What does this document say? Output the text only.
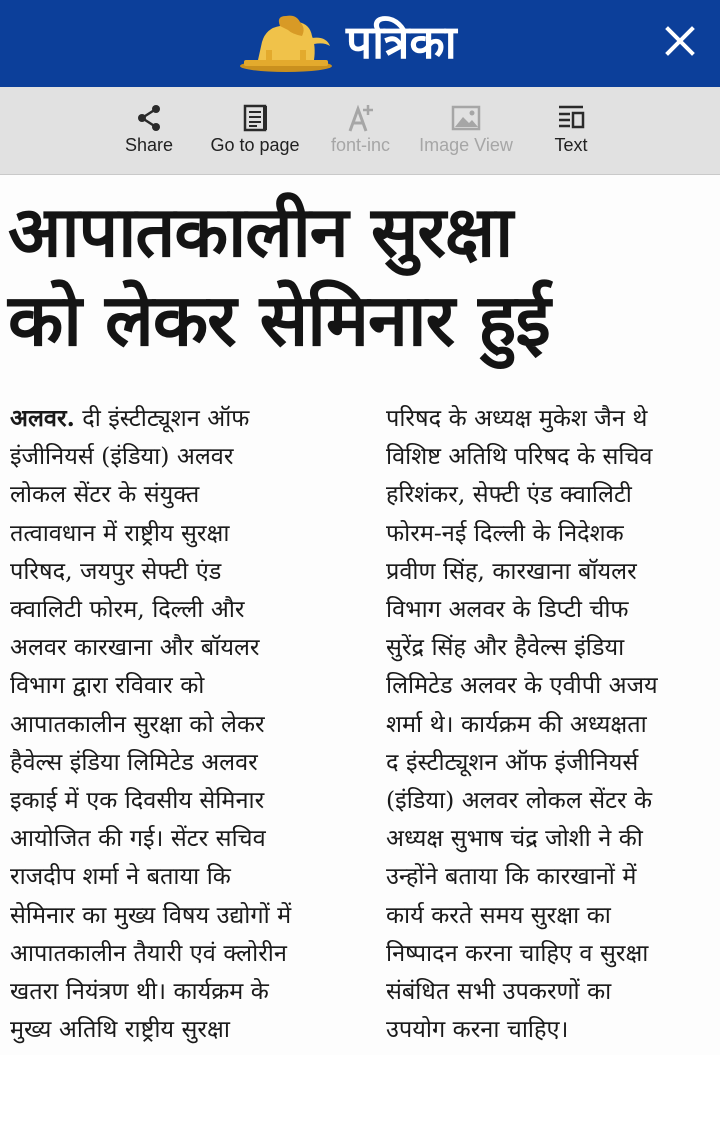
पत्रिका
Share	Go to page	font-inc	Image View	Text
आपातकालीन सुरक्षा
को लेकर सेमिनार हुई
अलवर. दी इंस्टीट्यूशन ऑफ
इंजीनियर्स (इंडिया) अलवर
लोकल सेंटर के संयुक्त
तत्वावधान में राष्ट्रीय सुरक्षा
परिषद, जयपुर सेफ्टी एंड
क्वालिटी फोरम, दिल्ली और
अलवर कारखाना और बॉयलर
विभाग द्वारा रविवार को
आपातकालीन सुरक्षा को लेकर
हैवेल्स इंडिया लिमिटेड अलवर
इकाई में एक दिवसीय सेमिनार
आयोजित की गई। सेंटर सचिव
राजदीप शर्मा ने बताया कि
सेमिनार का मुख्य विषय उद्योगों में
आपातकालीन तैयारी एवं क्लोरीन
खतरा नियंत्रण थी। कार्यक्रम के
मुख्य अतिथि राष्ट्रीय सुरक्षा
परिषद के अध्यक्ष मुकेश जैन थे
विशिष्ट अतिथि परिषद के सचिव
हरिशंकर, सेफ्टी एंड क्वालिटी
फोरम-नई दिल्ली के निदेशक
प्रवीण सिंह, कारखाना बॉयलर
विभाग अलवर के डिप्टी चीफ
सुरेंद्र सिंह और हैवेल्स इंडिया
लिमिटेड अलवर के एवीपी अजय
शर्मा थे। कार्यक्रम की अध्यक्षता
द इंस्टीट्यूशन ऑफ इंजीनियर्स
(इंडिया) अलवर लोकल सेंटर के
अध्यक्ष सुभाष चंद्र जोशी ने की
उन्होंने बताया कि कारखानों में
कार्य करते समय सुरक्षा का
निष्पादन करना चाहिए व सुरक्षा
संबंधित सभी उपकरणों का
उपयोग करना चाहिए।
